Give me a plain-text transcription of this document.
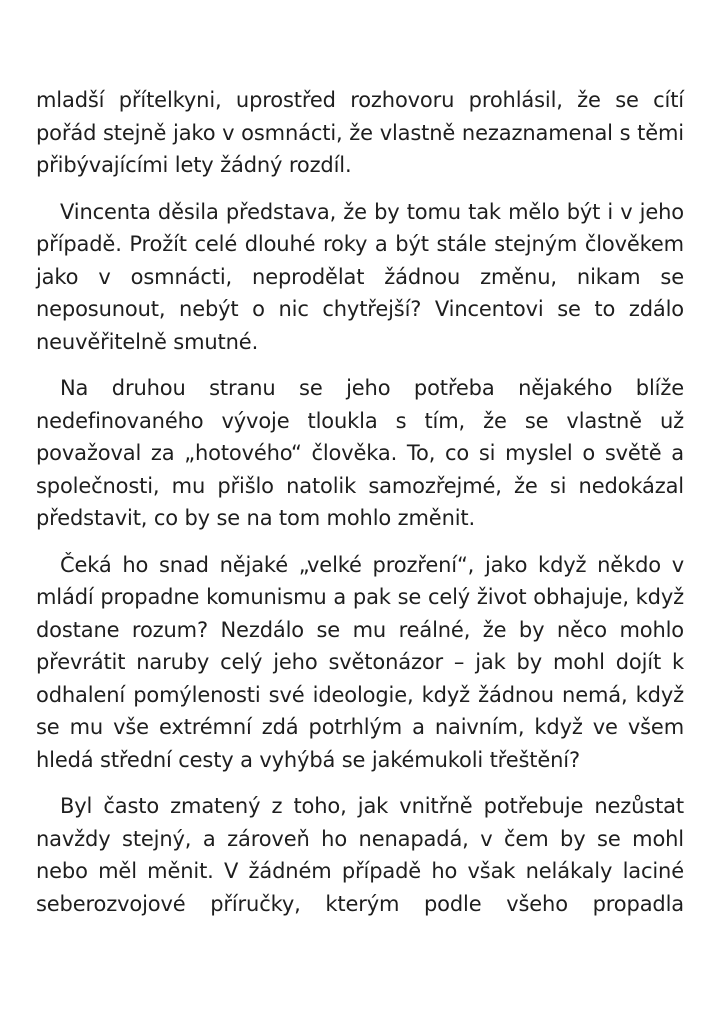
mladší přítelkyni, uprostřed rozhovoru prohlásil, že se cítí pořád stejně jako v osmnácti, že vlastně nezaznamenal s těmi přibývajícími lety žádný rozdíl.

Vincenta děsila představa, že by tomu tak mělo být i v jeho případě. Prožít celé dlouhé roky a být stále stejným člověkem jako v osmnácti, neprodělat žádnou změnu, nikam se neposunout, nebýt o nic chytřejší? Vincentovi se to zdálo neuvěřitelně smutné.

Na druhou stranu se jeho potřeba nějakého blíže nedefinovaného vývoje tloukla s tím, že se vlastně už považoval za „hotového“ člověka. To, co si myslel o světě a společnosti, mu přišlo natolik samozřejmé, že si nedokázal představit, co by se na tom mohlo změnit.

Čeká ho snad nějaké „velké prozření“, jako když někdo v mládí propadne komunismu a pak se celý život obhajuje, když dostane rozum? Nezdálo se mu reálné, že by něco mohlo převrátit naruby celý jeho světonázor – jak by mohl dojít k odhalení pomýlenosti své ideologie, když žádnou nemá, když se mu vše extrémní zdá potrhlým a naivním, když ve všem hledá střední cesty a vyhýbá se jakémukoli třeštění?

Byl často zmatený z toho, jak vnitřně potřebuje nezůstat navždy stejný, a zároveň ho nenapadá, v čem by se mohl nebo měl měnit. V žádném případě ho však nelákaly laciné seberozvojové příručky, kterým podle všeho propadla
